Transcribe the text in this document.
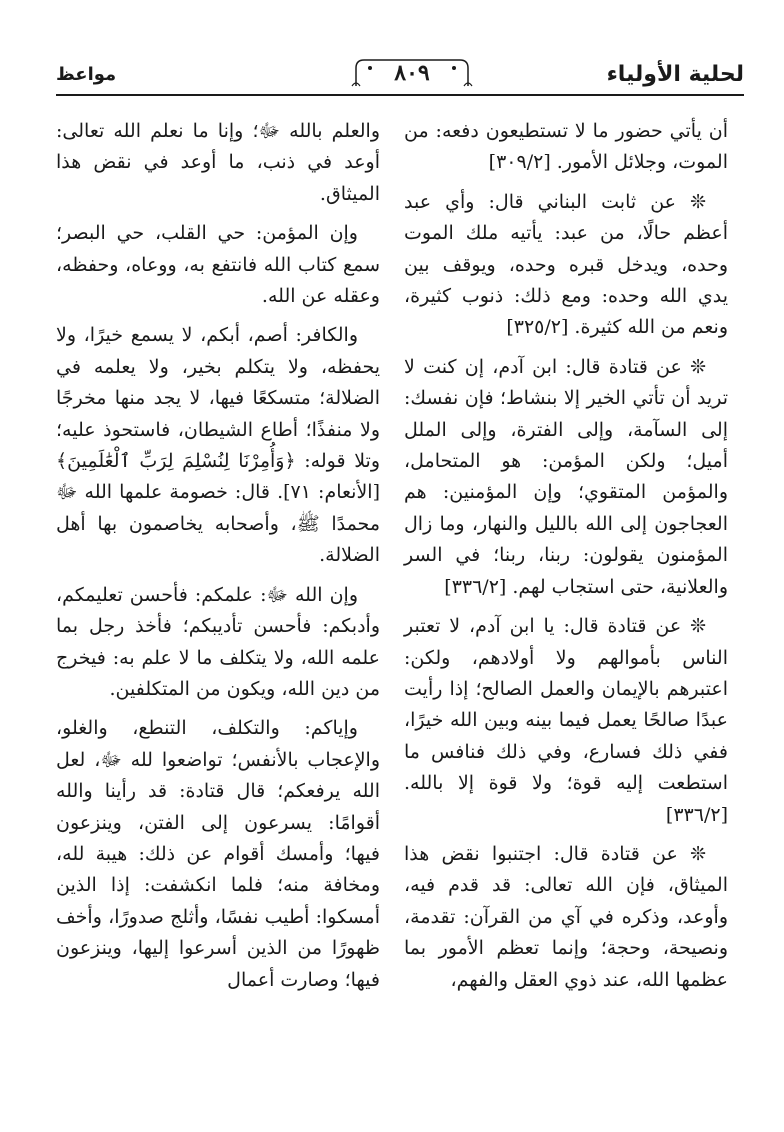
لحلية الأولياء
٨٠٩
مواعظ

أن يأتي حضور ما لا تستطيعون دفعه: من الموت، وجلائل الأمور. [٣٠٩/٢]

❊ عن ثابت البناني قال: وأي عبد أعظم حالًا، من عبد: يأتيه ملك الموت وحده، ويدخل قبره وحده، ويوقف بين يدي الله وحده: ومع ذلك: ذنوب كثيرة، ونعم من الله كثيرة. [٣٢٥/٢]

❊ عن قتادة قال: ابن آدم، إن كنت لا تريد أن تأتي الخير إلا بنشاط؛ فإن نفسك: إلى السآمة، وإلى الفترة، وإلى الملل أميل؛ ولكن المؤمن: هو المتحامل، والمؤمن المتقوي؛ وإن المؤمنين: هم العجاجون إلى الله بالليل والنهار، وما زال المؤمنون يقولون: ربنا، ربنا؛ في السر والعلانية، حتى استجاب لهم. [٣٣٦/٢]

❊ عن قتادة قال: يا ابن آدم، لا تعتبر الناس بأموالهم ولا أولادهم، ولكن: اعتبرهم بالإيمان والعمل الصالح؛ إذا رأيت عبدًا صالحًا يعمل فيما بينه وبين الله خيرًا، ففي ذلك فسارع، وفي ذلك فنافس ما استطعت إليه قوة؛ ولا قوة إلا بالله. [٣٣٦/٢]

❊ عن قتادة قال: اجتنبوا نقض هذا الميثاق، فإن الله تعالى: قد قدم فيه، وأوعد، وذكره في آي من القرآن: تقدمة، ونصيحة، وحجة؛ وإنما تعظم الأمور بما عظمها الله، عند ذوي العقل والفهم،

والعلم بالله ﷻ؛ وإنا ما نعلم الله تعالى: أوعد في ذنب، ما أوعد في نقض هذا الميثاق.

وإن المؤمن: حي القلب، حي البصر؛ سمع كتاب الله فانتفع به، ووعاه، وحفظه، وعقله عن الله.

والكافر: أصم، أبكم، لا يسمع خيرًا، ولا يحفظه، ولا يتكلم بخير، ولا يعلمه في الضلالة؛ متسكعًا فيها، لا يجد منها مخرجًا ولا منفذًا؛ أطاع الشيطان، فاستحوذ عليه؛ وتلا قوله: ﴿وَأُمِرْنَا لِنُسْلِمَ لِرَبِّ ٱلْعَٰلَمِينَ﴾ [الأنعام: ٧١]. قال: خصومة علمها الله ﷻ محمدًا ﷺ، وأصحابه يخاصمون بها أهل الضلالة.

وإن الله ﷻ: علمكم: فأحسن تعليمكم، وأدبكم: فأحسن تأديبكم؛ فأخذ رجل بما علمه الله، ولا يتكلف ما لا علم به: فيخرج من دين الله، ويكون من المتكلفين.

وإياكم: والتكلف، التنطع، والغلو، والإعجاب بالأنفس؛ تواضعوا لله ﷻ، لعل الله يرفعكم؛ قال قتادة: قد رأينا والله أقوامًا: يسرعون إلى الفتن، وينزعون فيها؛ وأمسك أقوام عن ذلك: هيبة لله، ومخافة منه؛ فلما انكشفت: إذا الذين أمسكوا: أطيب نفسًا، وأثلج صدورًا، وأخف ظهورًا من الذين أسرعوا إليها، وينزعون فيها؛ وصارت أعمال
